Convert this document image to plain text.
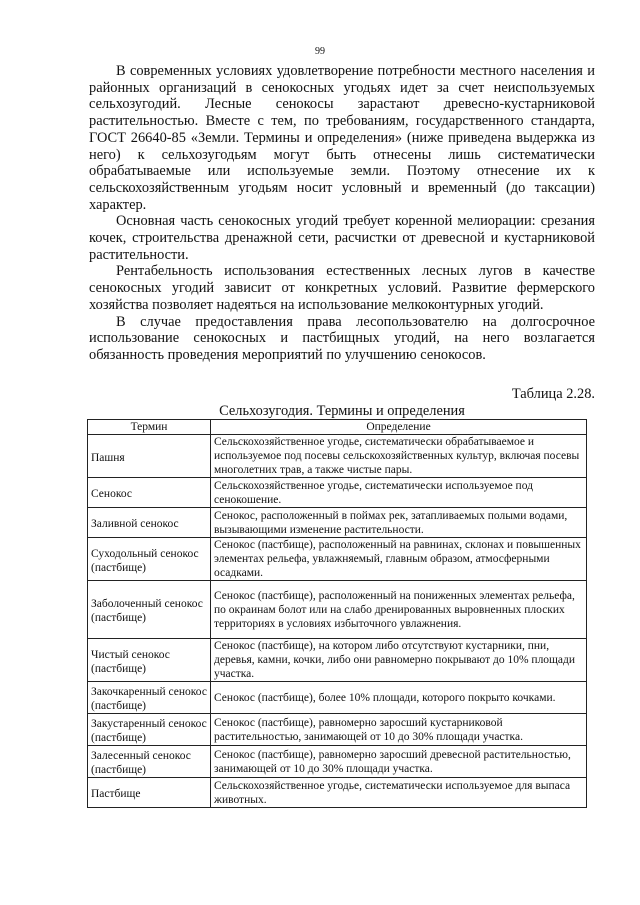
99

В современных условиях удовлетворение потребности местного населения и районных организаций в сенокосных угодьях идет за счет неиспользуемых сельхозугодий. Лесные сенокосы зарастают древесно-кустарниковой растительностью. Вместе с тем, по требованиям, государственного стандарта, ГОСТ 26640-85 «Земли. Термины и определения» (ниже приведена выдержка из него) к сельхозугодьям могут быть отнесены лишь систематически обрабатываемые или используемые земли. Поэтому отнесение их к сельскохозяйственным угодьям носит условный и временный (до таксации) характер.

Основная часть сенокосных угодий требует коренной мелиорации: срезания кочек, строительства дренажной сети, расчистки от древесной и кустарниковой растительности.

Рентабельность использования естественных лесных лугов в качестве сенокосных угодий зависит от конкретных условий. Развитие фермерского хозяйства позволяет надеяться на использование мелкоконтурных угодий.

В случае предоставления права лесопользователю на долгосрочное использование сенокосных и пастбищных угодий, на него возлагается обязанность проведения мероприятий по улучшению сенокосов.

Таблица 2.28.
Сельхозугодия. Термины и определения
Термин	Определение
Пашня	Сельскохозяйственное угодье, систематически обрабатываемое и используемое под посевы сельскохозяйственных культур, включая посевы многолетних трав, а также чистые пары.
Сенокос	Сельскохозяйственное угодье, систематически используемое под сенокошение.
Заливной сенокос	Сенокос, расположенный в поймах рек, затапливаемых полыми водами, вызывающими изменение растительности.
Суходольный сенокос (пастбище)	Сенокос (пастбище), расположенный на равнинах, склонах и повышенных элементах рельефа, увлажняемый, главным образом, атмосферными осадками.
Заболоченный сенокос (пастбище)	Сенокос (пастбище), расположенный на пониженных элементах рельефа, по окраинам болот или на слабо дренированных выровненных плоских территориях в условиях избыточного увлажнения.
Чистый сенокос (пастбище)	Сенокос (пастбище), на котором либо отсутствуют кустарники, пни, деревья, камни, кочки, либо они равномерно покрывают до 10% площади участка.
Закочкаренный сенокос (пастбище)	Сенокос (пастбище), более 10% площади, которого покрыто кочками.
Закустаренный сенокос (пастбище)	Сенокос (пастбище), равномерно заросший кустарниковой растительностью, занимающей от 10 до 30% площади участка.
Залесенный сенокос (пастбище)	Сенокос (пастбище), равномерно заросший древесной растительностью, занимающей от 10 до 30% площади участка.
Пастбище	Сельскохозяйственное угодье, систематически используемое для выпаса животных.
